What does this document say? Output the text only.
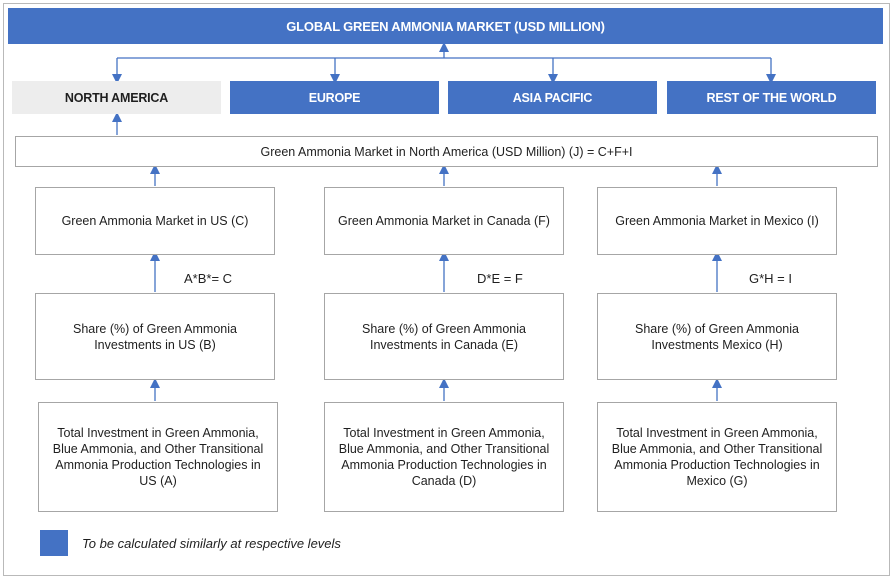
GLOBAL GREEN AMMONIA MARKET (USD MILLION)
NORTH AMERICA	EUROPE	ASIA PACIFIC	REST OF THE WORLD
Green Ammonia Market in North America (USD Million) (J) = C+F+I
Green Ammonia Market in US (C)	Green Ammonia Market in Canada (F)	Green Ammonia Market in Mexico (I)
A*B*= C	D*E = F	G*H = I
Share (%) of Green Ammonia Investments in US (B)
Share (%) of Green Ammonia Investments in Canada (E)
Share (%) of Green Ammonia Investments Mexico (H)
Total Investment in Green Ammonia, Blue Ammonia, and Other Transitional Ammonia Production Technologies in US (A)
Total Investment in Green Ammonia, Blue Ammonia, and Other Transitional Ammonia Production Technologies in Canada (D)
Total Investment in Green Ammonia, Blue Ammonia, and Other Transitional Ammonia Production Technologies in Mexico (G)
To be calculated similarly at respective levels
